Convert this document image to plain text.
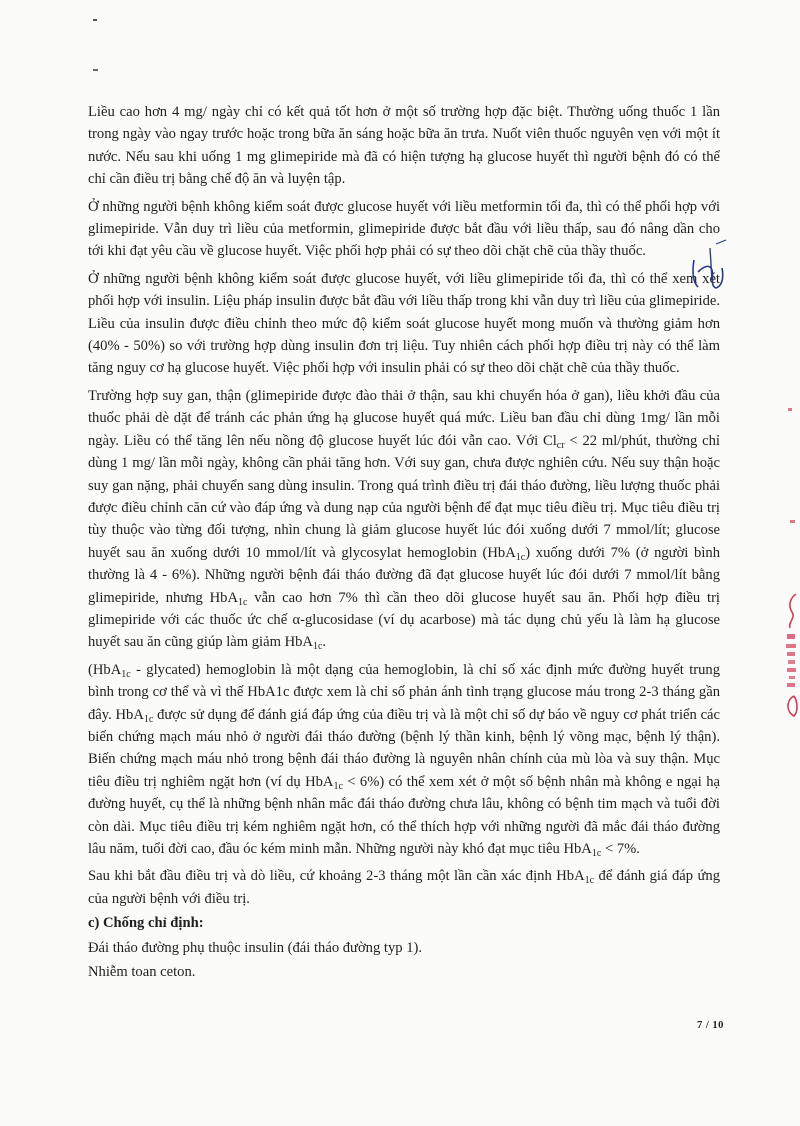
Liều cao hơn 4 mg/ ngày chỉ có kết quả tốt hơn ở một số trường hợp đặc biệt. Thường uống thuốc 1 lần trong ngày vào ngay trước hoặc trong bữa ăn sáng hoặc bữa ăn trưa. Nuốt viên thuốc nguyên vẹn với một ít nước. Nếu sau khi uống 1 mg glimepiride mà đã có hiện tượng hạ glucose huyết thì người bệnh đó có thể chỉ cần điều trị bằng chế độ ăn và luyện tập.

Ở những người bệnh không kiểm soát được glucose huyết với liều metformin tối đa, thì có thể phối hợp với glimepiride. Vẫn duy trì liều của metformin, glimepiride được bắt đầu với liều thấp, sau đó nâng dần cho tới khi đạt yêu cầu về glucose huyết. Việc phối hợp phải có sự theo dõi chặt chẽ của thầy thuốc.

Ở những người bệnh không kiểm soát được glucose huyết, với liều glimepiride tối đa, thì có thể xem xét phối hợp với insulin. Liệu pháp insulin được bắt đầu với liều thấp trong khi vẫn duy trì liều của glimepiride. Liều của insulin được điều chỉnh theo mức độ kiểm soát glucose huyết mong muốn và thường giảm hơn (40% - 50%) so với trường hợp dùng insulin đơn trị liệu. Tuy nhiên cách phối hợp điều trị này có thể làm tăng nguy cơ hạ glucose huyết. Việc phối hợp với insulin phải có sự theo dõi chặt chẽ của thầy thuốc.

Trường hợp suy gan, thận (glimepiride được đào thải ở thận, sau khi chuyển hóa ở gan), liều khởi đầu của thuốc phải dè dặt để tránh các phản ứng hạ glucose huyết quá mức. Liều ban đầu chỉ dùng 1mg/ lần mỗi ngày. Liều có thể tăng lên nếu nồng độ glucose huyết lúc đói vẫn cao. Với $Cl_{cr} < 22$ ml/phút, thường chỉ dùng 1 mg/ lần mỗi ngày, không cần phải tăng hơn. Với suy gan, chưa được nghiên cứu. Nếu suy thận hoặc suy gan nặng, phải chuyển sang dùng insulin. Trong quá trình điều trị đái tháo đường, liều lượng thuốc phải được điều chỉnh căn cứ vào đáp ứng và dung nạp của người bệnh để đạt mục tiêu điều trị. Mục tiêu điều trị tùy thuộc vào từng đối tượng, nhìn chung là giảm glucose huyết lúc đói xuống dưới 7 mmol/lít; glucose huyết sau ăn xuống dưới 10 mmol/lít và glycosylat hemoglobin (HbA$_{1c}$) xuống dưới 7% (ở người bình thường là 4 - 6%). Những người bệnh đái tháo đường đã đạt glucose huyết lúc đói dưới 7 mmol/lít bằng glimepiride, nhưng HbA$_{1c}$ vẫn cao hơn 7% thì cần theo dõi glucose huyết sau ăn. Phối hợp điều trị glimepiride với các thuốc ức chế α-glucosidase (ví dụ acarbose) mà tác dụng chủ yếu là làm hạ glucose huyết sau ăn cũng giúp làm giảm HbA$_{1c}$.

(HbA$_{1c}$ - glycated) hemoglobin là một dạng của hemoglobin, là chỉ số xác định mức đường huyết trung bình trong cơ thể và vì thế HbA1c được xem là chỉ số phản ánh tình trạng glucose máu trong 2-3 tháng gần đây. HbA$_{1c}$ được sử dụng để đánh giá đáp ứng của điều trị và là một chỉ số dự báo về nguy cơ phát triển các biến chứng mạch máu nhỏ ở người đái tháo đường (bệnh lý thần kinh, bệnh lý võng mạc, bệnh lý thận). Biến chứng mạch máu nhỏ trong bệnh đái tháo đường là nguyên nhân chính của mù lòa và suy thận. Mục tiêu điều trị nghiêm ngặt hơn (ví dụ HbA$_{1c}$ < 6%) có thể xem xét ở một số bệnh nhân mà không e ngại hạ đường huyết, cụ thể là những bệnh nhân mắc đái tháo đường chưa lâu, không có bệnh tim mạch và tuổi đời còn dài. Mục tiêu điều trị kém nghiêm ngặt hơn, có thể thích hợp với những người đã mắc đái tháo đường lâu năm, tuổi đời cao, đầu óc kém minh mẫn. Những người này khó đạt mục tiêu HbA$_{1c}$ < 7%.

Sau khi bắt đầu điều trị và dò liều, cứ khoảng 2-3 tháng một lần cần xác định HbA$_{1c}$ để đánh giá đáp ứng của người bệnh với điều trị.

c) Chống chỉ định:

Đái tháo đường phụ thuộc insulin (đái tháo đường typ 1).

Nhiễm toan ceton.

7 / 10
